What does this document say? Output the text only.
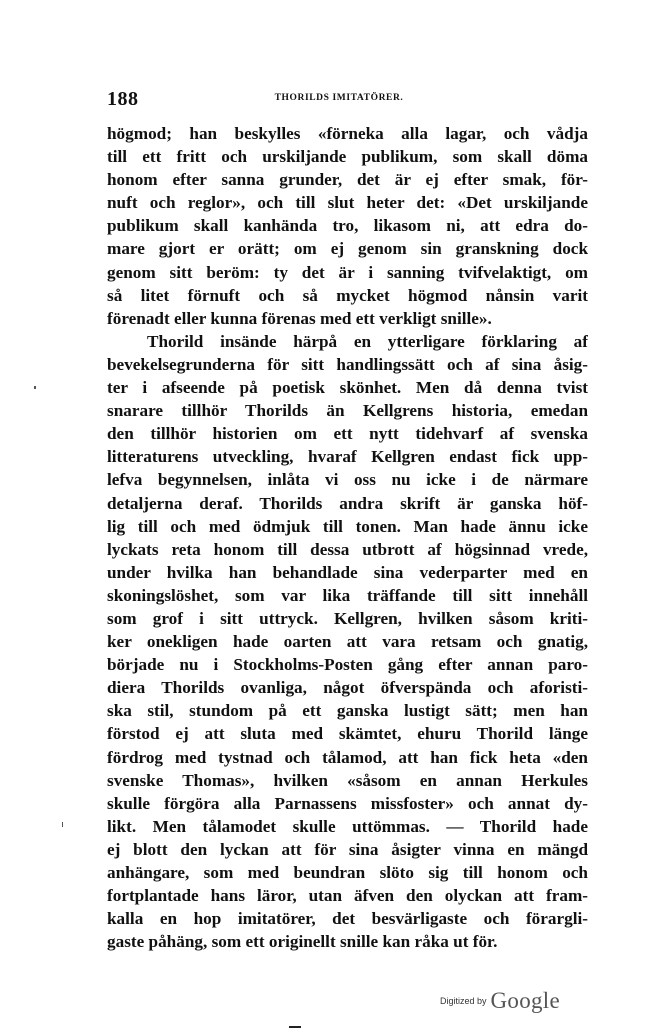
188	THORILDS IMITATÖRER.
högmod; han beskylles «förneka alla lagar, och vådja
till ett fritt och urskiljande publikum, som skall döma
honom efter sanna grunder, det är ej efter smak, för-
nuft och reglor», och till slut heter det: «Det urskiljande
publikum skall kanhända tro, likasom ni, att edra do-
mare gjort er orätt; om ej genom sin granskning dock
genom sitt beröm: ty det är i sanning tvifvelaktigt, om
så litet förnuft och så mycket högmod nånsin varit
förenadt eller kunna förenas med ett verkligt snille».
Thorild insände härpå en ytterligare förklaring af
bevekelsegrunderna för sitt handlingssätt och af sina åsig-
ter i afseende på poetisk skönhet. Men då denna tvist
snarare tillhör Thorilds än Kellgrens historia, emedan
den tillhör historien om ett nytt tidehvarf af svenska
litteraturens utveckling, hvaraf Kellgren endast fick upp-
lefva begynnelsen, inlåta vi oss nu icke i de närmare
detaljerna deraf. Thorilds andra skrift är ganska höf-
lig till och med ödmjuk till tonen. Man hade ännu icke
lyckats reta honom till dessa utbrott af högsinnad vrede,
under hvilka han behandlade sina vederparter med en
skoningslöshet, som var lika träffande till sitt innehåll
som grof i sitt uttryck. Kellgren, hvilken såsom kriti-
ker onekligen hade oarten att vara retsam och gnatig,
började nu i Stockholms-Posten gång efter annan paro-
diera Thorilds ovanliga, något öfverspända och aforisti-
ska stil, stundom på ett ganska lustigt sätt; men han
förstod ej att sluta med skämtet, ehuru Thorild länge
fördrog med tystnad och tålamod, att han fick heta «den
svenske Thomas», hvilken «såsom en annan Herkules
skulle förgöra alla Parnassens missfoster» och annat dy-
likt. Men tålamodet skulle uttömmas. — Thorild hade
ej blott den lyckan att för sina åsigter vinna en mängd
anhängare, som med beundran slöto sig till honom och
fortplantade hans läror, utan äfven den olyckan att fram-
kalla en hop imitatörer, det besvärligaste och förargli-
gaste påhäng, som ett originellt snille kan råka ut för.
Digitized by Google
